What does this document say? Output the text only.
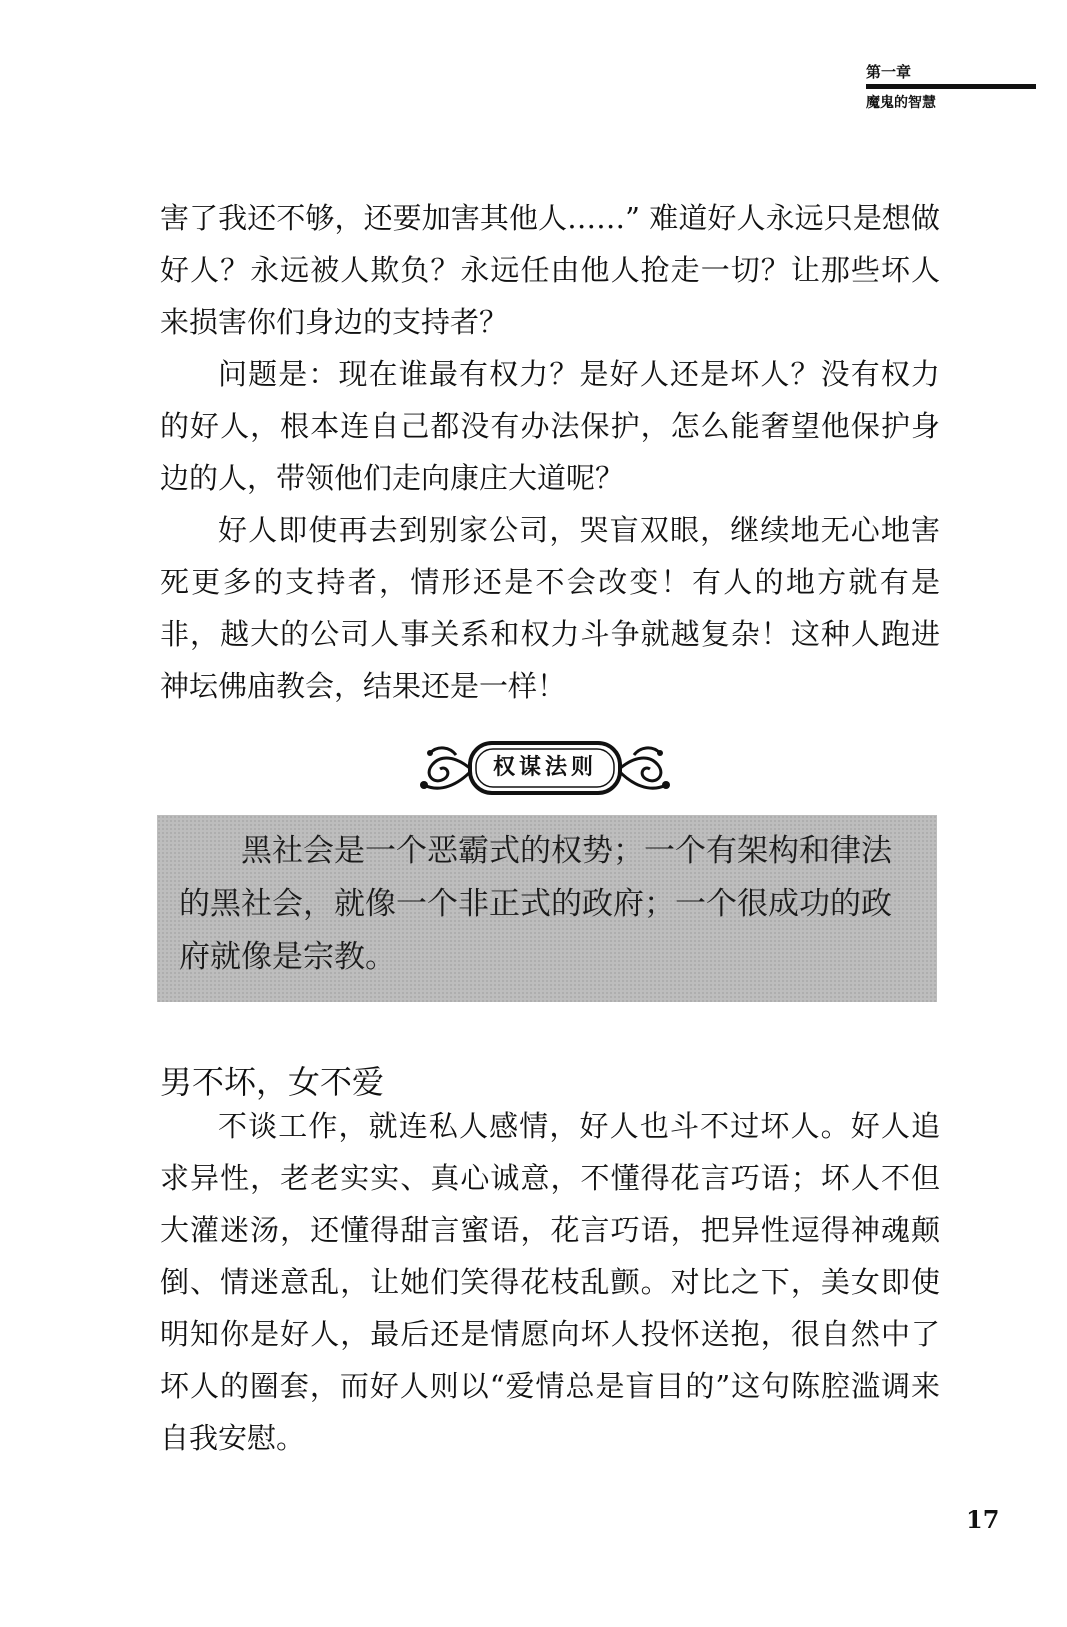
第一章
魔鬼的智慧

害了我还不够，还要加害其他人……” 难道好人永远只是想做好人？永远被人欺负？永远任由他人抢走一切？让那些坏人来损害你们身边的支持者？

问题是：现在谁最有权力？是好人还是坏人？没有权力的好人，根本连自己都没有办法保护，怎么能奢望他保护身边的人，带领他们走向康庄大道呢？

好人即使再去到别家公司，哭盲双眼，继续地无心地害死更多的支持者，情形还是不会改变！有人的地方就有是非，越大的公司人事关系和权力斗争就越复杂！这种人跑进神坛佛庙教会，结果还是一样！

权谋法则

黑社会是一个恶霸式的权势；一个有架构和律法的黑社会，就像一个非正式的政府；一个很成功的政府就像是宗教。

男不坏，女不爱

不谈工作，就连私人感情，好人也斗不过坏人。好人追求异性，老老实实、真心诚意，不懂得花言巧语；坏人不但大灌迷汤，还懂得甜言蜜语，花言巧语，把异性逗得神魂颠倒、情迷意乱，让她们笑得花枝乱颤。对比之下，美女即使明知你是好人，最后还是情愿向坏人投怀送抱，很自然中了坏人的圈套，而好人则以“爱情总是盲目的”这句陈腔滥调来自我安慰。

17
